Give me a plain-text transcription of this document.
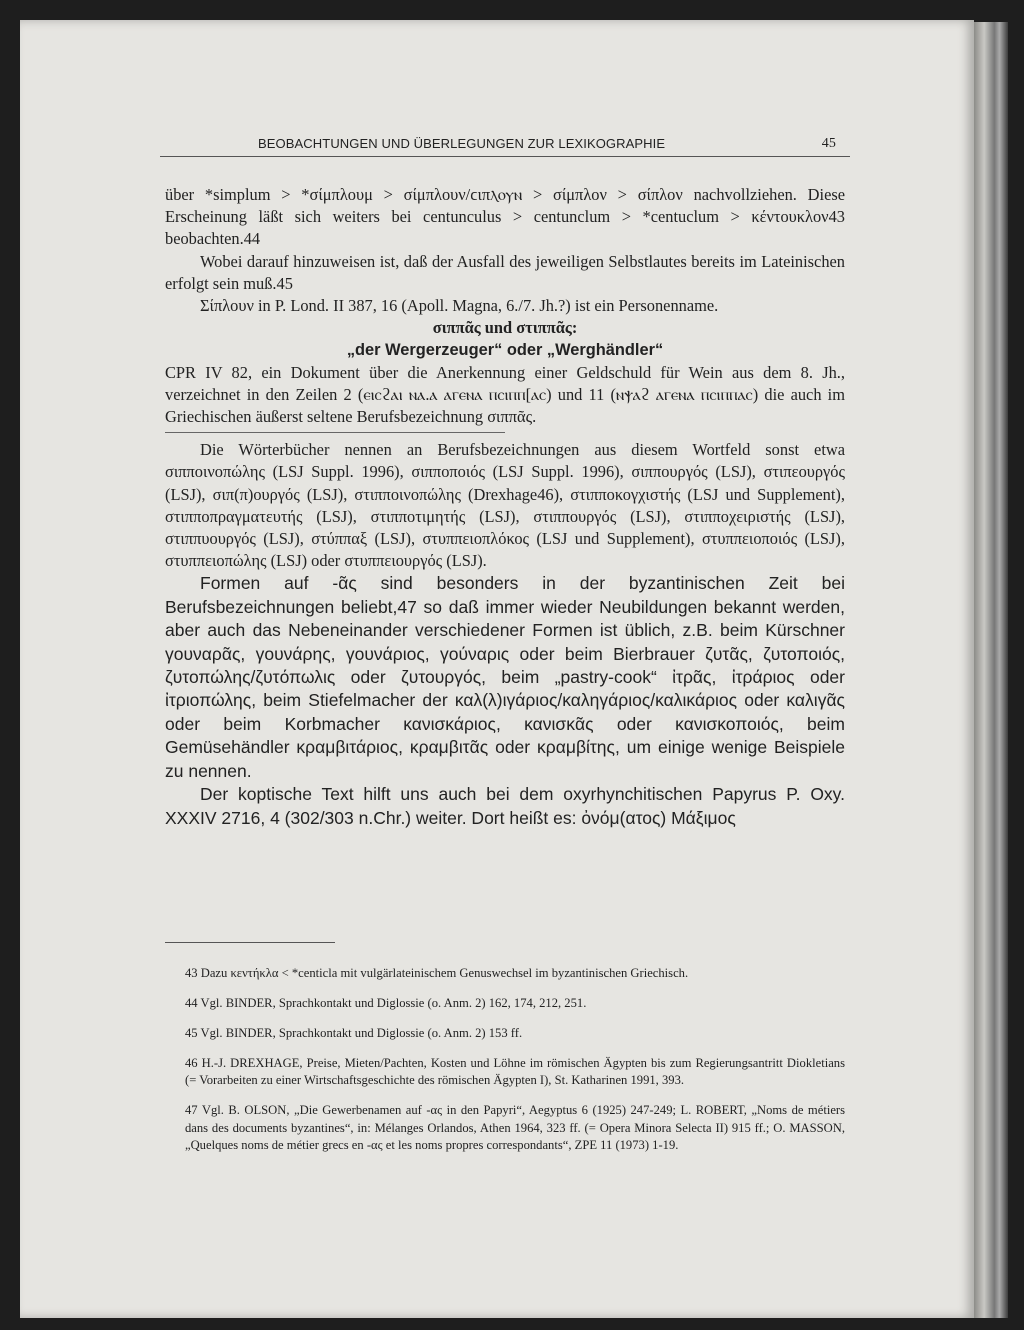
BEOBACHTUNGEN UND ÜBERLEGUNGEN ZUR LEXIKOGRAPHIE	45

über *simplum > *σίμπλουμ > σίμπλουν/ϲιπⲗⲟⲩⲛ > σίμπλον > σίπλον nachvollziehen. Diese Erscheinung läßt sich weiters bei centunculus > centunclum > *centuclum > κέντουκλον43 beobachten.44

Wobei darauf hinzuweisen ist, daß der Ausfall des jeweiligen Selbstlautes bereits im Lateinischen erfolgt sein muß.45

Σίπλουν in P. Lond. II 387, 16 (Apoll. Magna, 6./7. Jh.?) ist ein Personenname.

σιππᾶς und στιππᾶς:

„der Wergerzeuger“ oder „Werghändler“

CPR IV 82, ein Dokument über die Anerkennung einer Geldschuld für Wein aus dem 8. Jh., verzeichnet in den Zeilen 2 (ⲉⲓⲥϩⲁⲓ ⲛⲁ.ⲁ ⲁⲅⲉⲛⲁ ⲡⲥⲓⲡⲡ[ⲁⲥ) und 11 (ⲛⲯⲁϩ ⲁⲅⲉⲛⲁ ⲡⲥⲓⲡⲡⲁⲥ) die auch im Griechischen äußerst seltene Berufsbezeichnung σιππᾶς.

Die Wörterbücher nennen an Berufsbezeichnungen aus diesem Wortfeld sonst etwa σιπποινοπώλης (LSJ Suppl. 1996), σιπποποιός (LSJ Suppl. 1996), σιππουργός (LSJ), στιπεουργός (LSJ), σιπ(π)ουργός (LSJ), στιπποινοπώλης (Drexhage46), στιπποκογχιστής (LSJ und Supplement), στιπποπραγματευτής (LSJ), στιπποτιμητής (LSJ), στιππουργός (LSJ), στιπποχειριστής (LSJ), στιππυουργός (LSJ), στύππαξ (LSJ), στυππειοπλόκος (LSJ und Supplement), στυππειοποιός (LSJ), στυππειοπώλης (LSJ) oder στυππειουργός (LSJ).

Formen auf -ᾶς sind besonders in der byzantinischen Zeit bei Berufsbezeichnungen beliebt,47 so daß immer wieder Neubildungen bekannt werden, aber auch das Nebeneinander verschiedener Formen ist üblich, z.B. beim Kürschner γουναρᾶς, γουνάρης, γουνάριος, γούναρις oder beim Bierbrauer ζυτᾶς, ζυτοποιός, ζυτοπώλης/ζυτόπωλις oder ζυτουργός, beim „pastry-cook“ ἰτρᾶς, ἰτράριος oder ἰτριοπώλης, beim Stiefelmacher der καλ(λ)ιγάριος/καληγάριος/καλικάριος oder καλιγᾶς oder beim Korbmacher κανισκάριος, κανισκᾶς oder κανισκοποιός, beim Gemüsehändler κραμβιτάριος, κραμβιτᾶς oder κραμβίτης, um einige wenige Beispiele zu nennen.

Der koptische Text hilft uns auch bei dem oxyrhynchitischen Papyrus P. Oxy. XXXIV 2716, 4 (302/303 n.Chr.) weiter. Dort heißt es: ὀνόμ(ατος) Μάξιμος

43 Dazu κεντήκλα < *centicla mit vulgärlateinischem Genuswechsel im byzantinischen Griechisch.

44 Vgl. BINDER, Sprachkontakt und Diglossie (o. Anm. 2) 162, 174, 212, 251.

45 Vgl. BINDER, Sprachkontakt und Diglossie (o. Anm. 2) 153 ff.

46 H.-J. DREXHAGE, Preise, Mieten/Pachten, Kosten und Löhne im römischen Ägypten bis zum Regierungsantritt Diokletians (= Vorarbeiten zu einer Wirtschaftsgeschichte des römischen Ägypten I), St. Katharinen 1991, 393.

47 Vgl. B. OLSON, „Die Gewerbenamen auf -ας in den Papyri“, Aegyptus 6 (1925) 247-249; L. ROBERT, „Noms de métiers dans des documents byzantines“, in: Mélanges Orlandos, Athen 1964, 323 ff. (= Opera Minora Selecta II) 915 ff.; O. MASSON, „Quelques noms de métier grecs en -ας et les noms propres correspondants“, ZPE 11 (1973) 1-19.
